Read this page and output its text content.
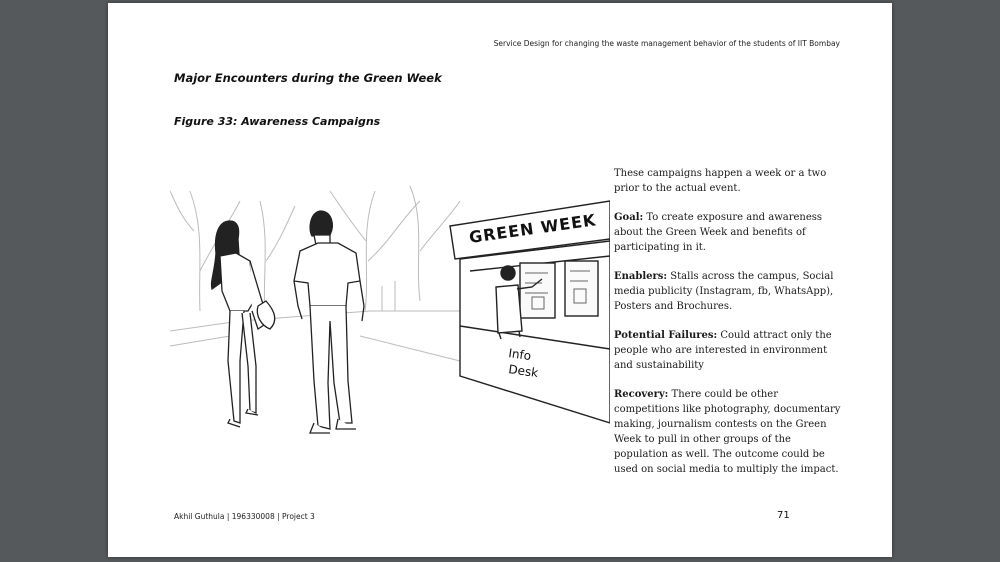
Service Design for changing the waste management behavior of the students of IIT Bombay
Major Encounters during the Green Week
Figure 33: Awareness Campaigns
GREEN WEEK
Info
Desk

These campaigns happen a week or a two prior to the actual event.

Goal: To create exposure and awareness about the Green Week and benefits of participating in it.

Enablers: Stalls across the campus, Social media publicity (Instagram, fb, WhatsApp), Posters and Brochures.

Potential Failures: Could attract only the people who are interested in environment and sustainability

Recovery: There could be other competitions like photography, documentary making, journalism contests on the Green Week to pull in other groups of the population as well. The outcome could be used on social media to multiply the impact.

Akhil Guthula | 196330008 | Project 3	71
